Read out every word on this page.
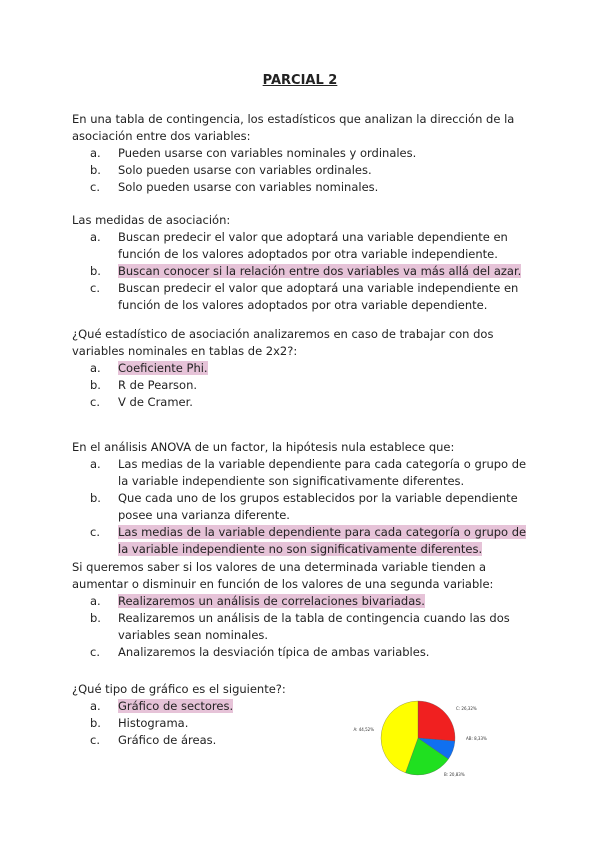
PARCIAL 2

En una tabla de contingencia, los estadísticos que analizan la dirección de la asociación entre dos variables:

a.	Pueden usarse con variables nominales y ordinales.
b.	Solo pueden usarse con variables ordinales.
c.	Solo pueden usarse con variables nominales.

Las medidas de asociación:

a.	Buscan predecir el valor que adoptará una variable dependiente en función de los valores adoptados por otra variable independiente.
b.	Buscan conocer si la relación entre dos variables va más allá del azar.
c.	Buscan predecir el valor que adoptará una variable independiente en función de los valores adoptados por otra variable dependiente.

¿Qué estadístico de asociación analizaremos en caso de trabajar con dos variables nominales en tablas de 2x2?:

a.	Coeficiente Phi.
b.	R de Pearson.
c.	V de Cramer.

En el análisis ANOVA de un factor, la hipótesis nula establece que:

a.	Las medias de la variable dependiente para cada categoría o grupo de la variable independiente son significativamente diferentes.
b.	Que cada uno de los grupos establecidos por la variable dependiente posee una varianza diferente.
c.	Las medias de la variable dependiente para cada categoría o grupo de la variable independiente no son significativamente diferentes.

Si queremos saber si los valores de una determinada variable tienden a aumentar o disminuir en función de los valores de una segunda variable:

a.	Realizaremos un análisis de correlaciones bivariadas.
b.	Realizaremos un análisis de la tabla de contingencia cuando las dos variables sean nominales.
c.	Analizaremos la desviación típica de ambas variables.

¿Qué tipo de gráfico es el siguiente?:

a.	Gráfico de sectores.
b.	Histograma.
c.	Gráfico de áreas.
C: 26,32%
AB: 8,33%
B: 20,83%
A: 44,52%
